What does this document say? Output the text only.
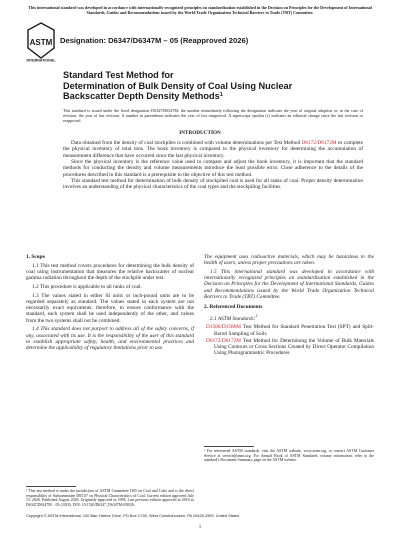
This international standard was developed in accordance with internationally recognized principles on standardization established in the Decision on Principles for the Development of International Standards, Guides and Recommendations issued by the World Trade Organization Technical Barriers to Trade (TBT) Committee.
ASTM
INTERNATIONAL
Designation: D6347/D6347M – 05 (Reapproved 2026)
Standard Test Method for
Determination of Bulk Density of Coal Using Nuclear
Backscatter Depth Density Methods$^1$
This standard is issued under the fixed designation D6347/D6347M; the number immediately following the designation indicates the year of original adoption or, in the case of revision, the year of last revision. A number in parentheses indicates the year of last reapproval. A superscript epsilon (ε) indicates an editorial change since the last revision or reapproval.
INTRODUCTION

Data obtained from the density of coal stockpiles is combined with volume determinations per Test Method D6172/D6172M to complete the physical inventory of total tons. The book inventory is compared to the physical inventory for determining the accumulation of measurement difference that have occurred since the last physical inventory.

Since the physical inventory is the reference value used to compare and adjust the book inventory, it is important that the standard methods for conducting the density and volume measurements introduce the least possible error. Close adherence to the details of the procedures described in this standard is a prerequisite to the objective of this test method.

This standard test method for determination of bulk density of stockpiled coal is used for all ranks of coal. Proper density determination involves an understanding of the physical characteristics of the coal types and the stockpiling facilities.

1. Scope

1.1 This test method covers procedures for determining the bulk density of coal using instrumentation that measures the relative backscatter of nuclear gamma radiation throughout the depth of the stockpile under test.

1.2 This procedure is applicable to all ranks of coal.

1.3 The values stated in either SI units or inch-pound units are to be regarded separately as standard. The values stated in each system are not necessarily exact equivalents; therefore, to ensure conformance with the standard, each system shall be used independently of the other, and values from the two systems shall not be combined.

1.4 This standard does not purport to address all of the safety concerns, if any, associated with its use. It is the responsibility of the user of this standard to establish appropriate safety, health, and environmental practices and determine the applicability of regulatory limitations prior to use.

The equipment uses radioactive materials, which may be hazardous to the health of users, unless proper precautions are taken.

1.5 This international standard was developed in accordance with internationally recognized principles on standardization established in the Decision on Principles for the Development of International Standards, Guides and Recommendations issued by the World Trade Organization Technical Barriers to Trade (TBT) Committee.

2. Referenced Documents

2.1 ASTM Standards:$^2$

D1586/D1586M Test Method for Standard Penetration Test (SPT) and Split-Barrel Sampling of Soils

D6172/D6172M Test Method for Determining the Volume of Bulk Materials Using Contours or Cross Sections Created by Direct Operator Compilation Using Photogrammetric Procedures

¹ This test method is under the jurisdiction of ASTM Committee D05 on Coal and Coke and is the direct responsibility of Subcommittee D05.07 on Physical Characteristics of Coal. Current edition approved July 15, 2026. Published August 2026. Originally approved in 1998. Last previous edition approved in 2018 as D6347/D6347M – 05 (2018). DOI: 10.1520/D6347_D6347M-05R26.
² For referenced ASTM standards, visit the ASTM website, www.astm.org, or contact ASTM Customer Service at service@astm.org. For Annual Book of ASTM Standards volume information, refer to the standard's Document Summary page on the ASTM website.
Copyright © ASTM International, 100 Barr Harbor Drive, PO Box C700, West Conshohocken, PA 19428-2959. United States
1
